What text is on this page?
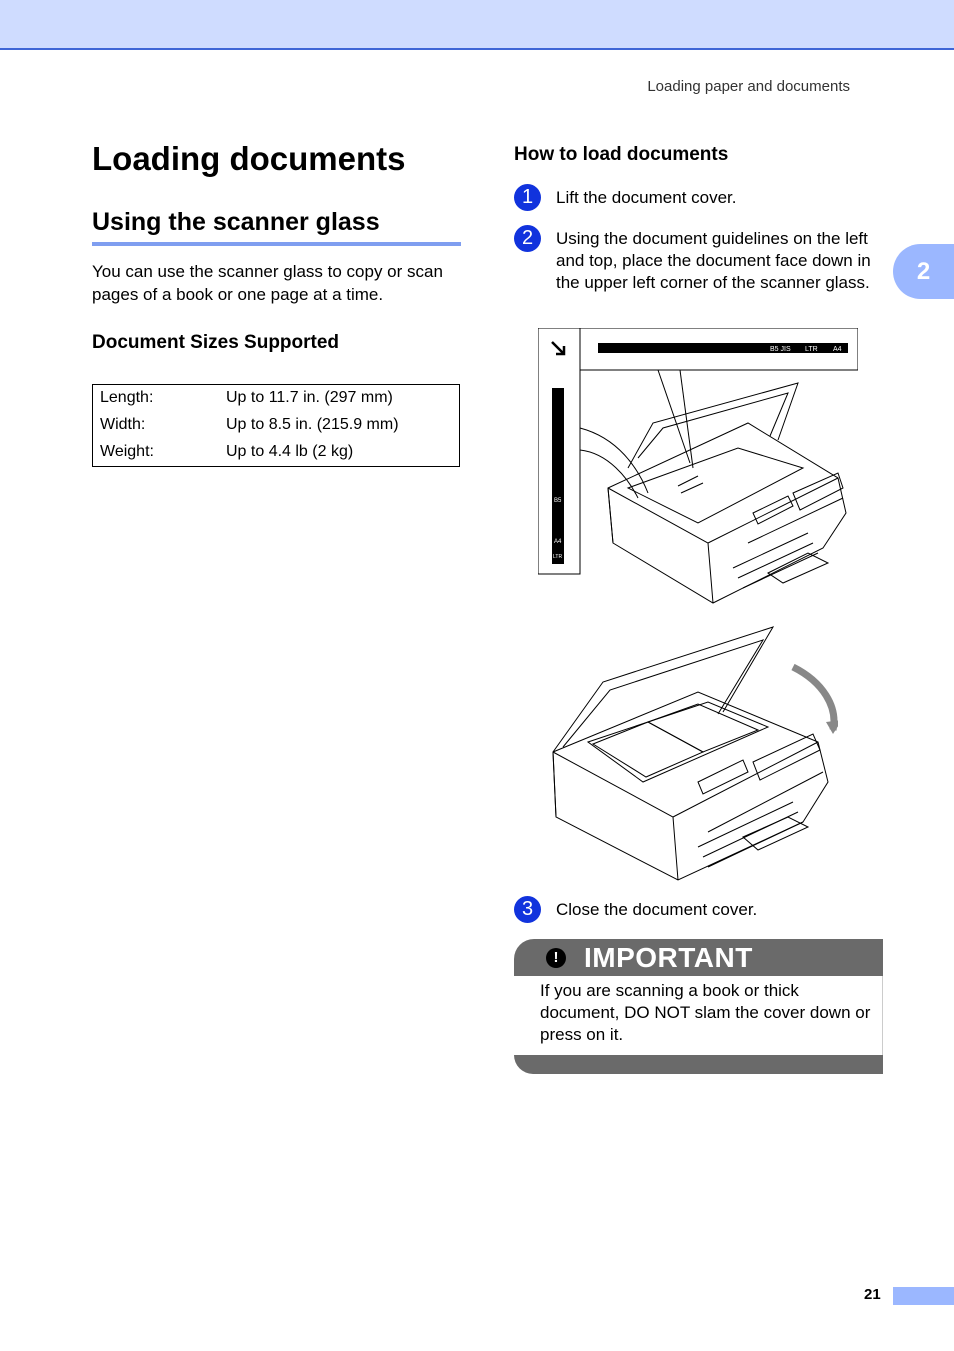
Loading paper and documents
2
Loading documents
Using the scanner glass

You can use the scanner glass to copy or scan pages of a book or one page at a time.

Document Sizes Supported
Length:	Up to 11.7 in. (297 mm)
Width:	Up to 8.5 in. (215.9 mm)
Weight:	Up to 4.4 lb (2 kg)
How to load documents
1	Lift the document cover.
2	Using the document guidelines on the left and top, place the document face down in the upper left corner of the scanner glass.
B5 JIS LTR A4
B5
A4
LTR
3	Close the document cover.
! IMPORTANT
If you are scanning a book or thick document, DO NOT slam the cover down or press on it.
21
